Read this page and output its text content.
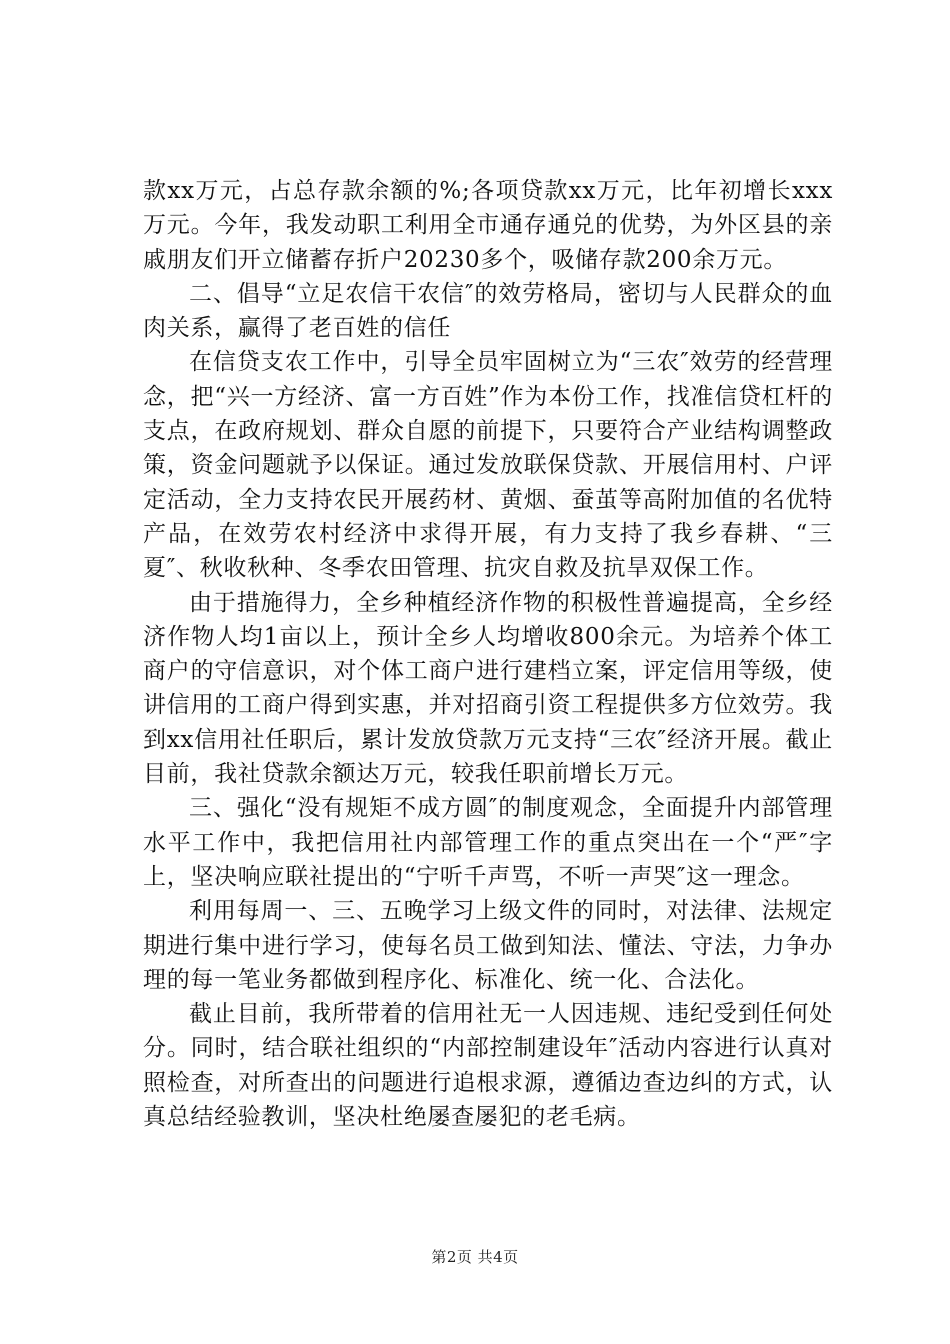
款xx万元，占总存款余额的%;各项贷款xx万元，比年初增长xxx万元。今年，我发动职工利用全市通存通兑的优势，为外区县的亲戚朋友们开立储蓄存折户20230多个，吸储存款200余万元。

二、倡导“立足农信干农信″的效劳格局，密切与人民群众的血肉关系，赢得了老百姓的信任

在信贷支农工作中，引导全员牢固树立为“三农″效劳的经营理念，把“兴一方经济、富一方百姓”作为本份工作，找准信贷杠杆的支点，在政府规划、群众自愿的前提下，只要符合产业结构调整政策，资金问题就予以保证。通过发放联保贷款、开展信用村、户评定活动，全力支持农民开展药材、黄烟、蚕茧等高附加值的名优特产品，在效劳农村经济中求得开展，有力支持了我乡春耕、“三夏″、秋收秋种、冬季农田管理、抗灾自救及抗旱双保工作。

由于措施得力，全乡种植经济作物的积极性普遍提高，全乡经济作物人均1亩以上，预计全乡人均增收800余元。为培养个体工商户的守信意识，对个体工商户进行建档立案，评定信用等级，使讲信用的工商户得到实惠，并对招商引资工程提供多方位效劳。我到xx信用社任职后，累计发放贷款万元支持“三农″经济开展。截止目前，我社贷款余额达万元，较我任职前增长万元。

三、强化“没有规矩不成方圆″的制度观念，全面提升内部管理水平工作中，我把信用社内部管理工作的重点突出在一个“严″字上，坚决响应联社提出的“宁听千声骂，不听一声哭″这一理念。

利用每周一、三、五晚学习上级文件的同时，对法律、法规定期进行集中进行学习，使每名员工做到知法、懂法、守法，力争办理的每一笔业务都做到程序化、标准化、统一化、合法化。

截止目前，我所带着的信用社无一人因违规、违纪受到任何处分。同时，结合联社组织的“内部控制建设年″活动内容进行认真对照检查，对所查出的问题进行追根求源，遵循边查边纠的方式，认真总结经验教训，坚决杜绝屡查屡犯的老毛病。

第2页 共4页
